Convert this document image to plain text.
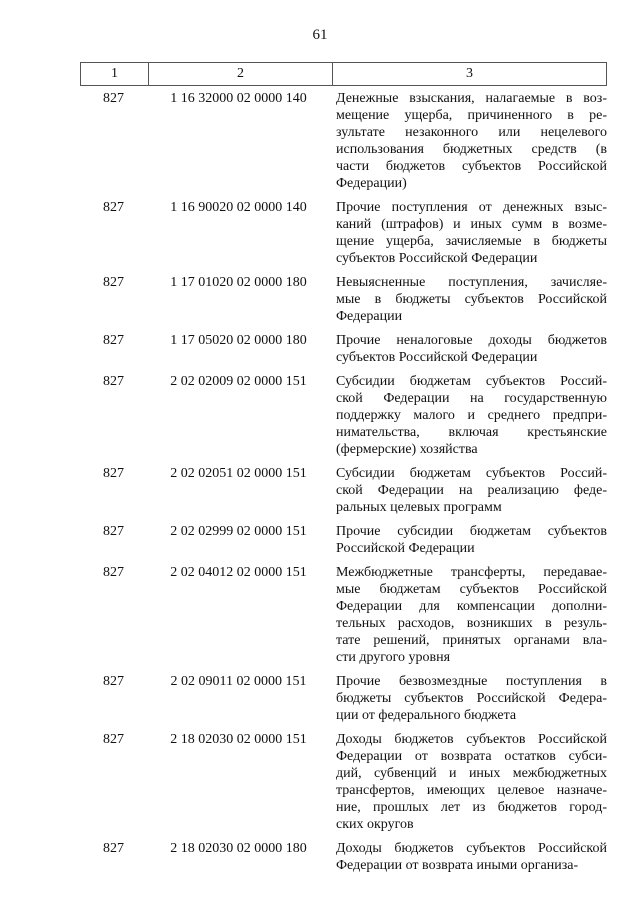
61
1	2	3
827	1 16 32000 02 0000 140	Денежные взыскания, налагаемые в воз-
мещение ущерба, причиненного в ре-
зультате незаконного или нецелевого
использования бюджетных средств (в
части бюджетов субъектов Российской
Федерации)
827	1 16 90020 02 0000 140	Прочие поступления от денежных взыс-
каний (штрафов) и иных сумм в возме-
щение ущерба, зачисляемые в бюджеты
субъектов Российской Федерации
827	1 17 01020 02 0000 180	Невыясненные поступления, зачисляе-
мые в бюджеты субъектов Российской
Федерации
827	1 17 05020 02 0000 180	Прочие неналоговые доходы бюджетов
субъектов Российской Федерации
827	2 02 02009 02 0000 151	Субсидии бюджетам субъектов Россий-
ской Федерации на государственную
поддержку малого и среднего предпри-
нимательства, включая крестьянские
(фермерские) хозяйства
827	2 02 02051 02 0000 151	Субсидии бюджетам субъектов Россий-
ской Федерации на реализацию феде-
ральных целевых программ
827	2 02 02999 02 0000 151	Прочие субсидии бюджетам субъектов
Российской Федерации
827	2 02 04012 02 0000 151	Межбюджетные трансферты, передавае-
мые бюджетам субъектов Российской
Федерации для компенсации дополни-
тельных расходов, возникших в резуль-
тате решений, принятых органами вла-
сти другого уровня
827	2 02 09011 02 0000 151	Прочие безвозмездные поступления в
бюджеты субъектов Российской Федера-
ции от федерального бюджета
827	2 18 02030 02 0000 151	Доходы бюджетов субъектов Российской
Федерации от возврата остатков субси-
дий, субвенций и иных межбюджетных
трансфертов, имеющих целевое назначе-
ние, прошлых лет из бюджетов город-
ских округов
827	2 18 02030 02 0000 180	Доходы бюджетов субъектов Российской
Федерации от возврата иными организа-
